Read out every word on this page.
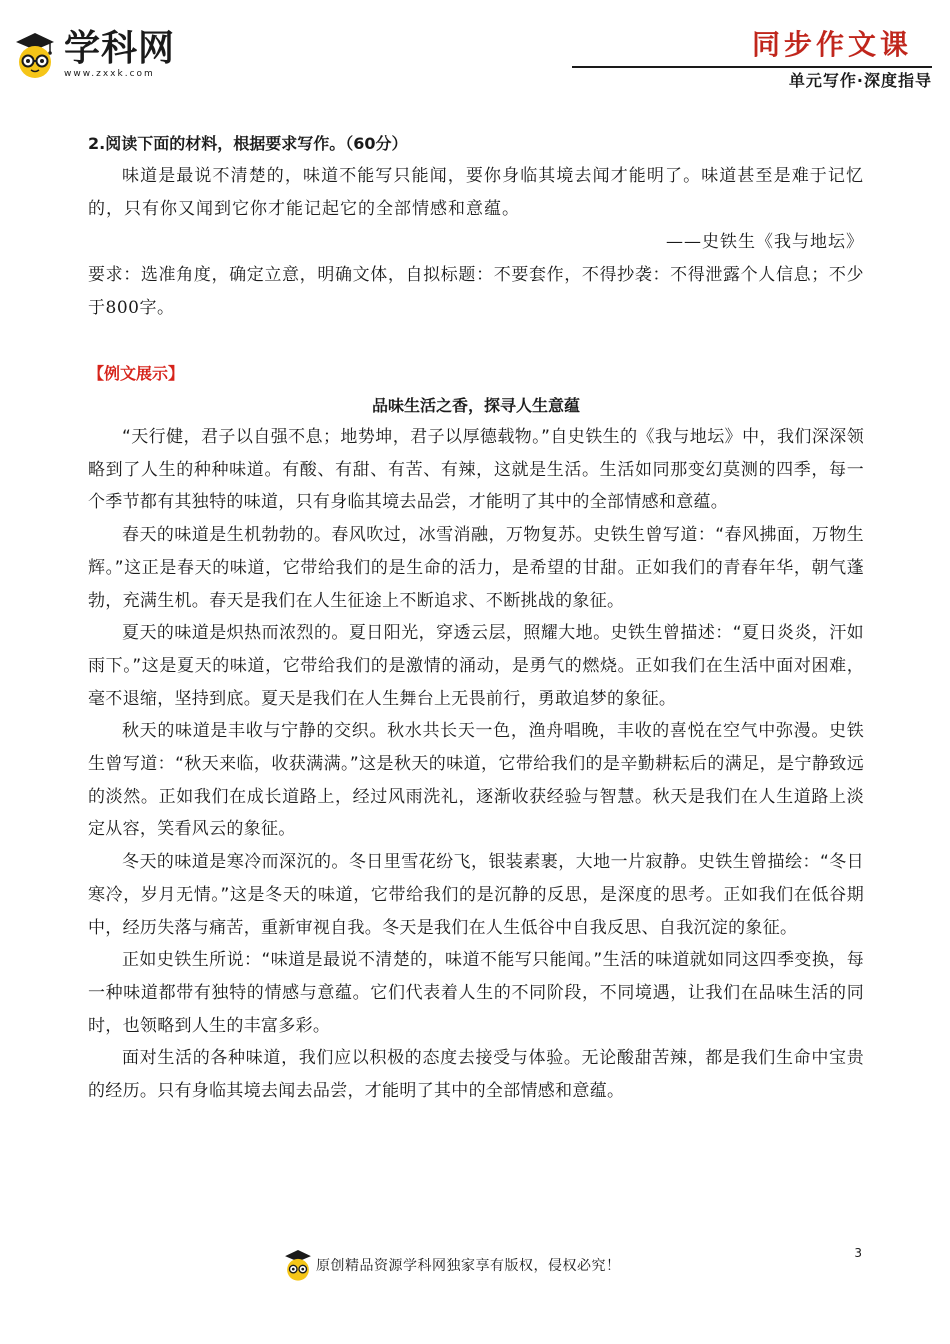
学科网
www.zxxk.com
同步作文课
单元写作·深度指导

2.阅读下面的材料，根据要求写作。（60分）

味道是最说不清楚的，味道不能写只能闻，要你身临其境去闻才能明了。味道甚至是难于记忆的，只有你又闻到它你才能记起它的全部情感和意蕴。

——史铁生《我与地坛》

要求：选准角度，确定立意，明确文体，自拟标题：不要套作，不得抄袭：不得泄露个人信息；不少于800字。

【例文展示】

品味生活之香，探寻人生意蕴

“天行健，君子以自强不息；地势坤，君子以厚德载物。”自史铁生的《我与地坛》中，我们深深领略到了人生的种种味道。有酸、有甜、有苦、有辣，这就是生活。生活如同那变幻莫测的四季，每一个季节都有其独特的味道，只有身临其境去品尝，才能明了其中的全部情感和意蕴。

春天的味道是生机勃勃的。春风吹过，冰雪消融，万物复苏。史铁生曾写道：“春风拂面，万物生辉。”这正是春天的味道，它带给我们的是生命的活力，是希望的甘甜。正如我们的青春年华，朝气蓬勃，充满生机。春天是我们在人生征途上不断追求、不断挑战的象征。

夏天的味道是炽热而浓烈的。夏日阳光，穿透云层，照耀大地。史铁生曾描述：“夏日炎炎，汗如雨下。”这是夏天的味道，它带给我们的是激情的涌动，是勇气的燃烧。正如我们在生活中面对困难，毫不退缩，坚持到底。夏天是我们在人生舞台上无畏前行，勇敢追梦的象征。

秋天的味道是丰收与宁静的交织。秋水共长天一色，渔舟唱晚，丰收的喜悦在空气中弥漫。史铁生曾写道：“秋天来临，收获满满。”这是秋天的味道，它带给我们的是辛勤耕耘后的满足，是宁静致远的淡然。正如我们在成长道路上，经过风雨洗礼，逐渐收获经验与智慧。秋天是我们在人生道路上淡定从容，笑看风云的象征。

冬天的味道是寒冷而深沉的。冬日里雪花纷飞，银装素裹，大地一片寂静。史铁生曾描绘：“冬日寒冷，岁月无情。”这是冬天的味道，它带给我们的是沉静的反思，是深度的思考。正如我们在低谷期中，经历失落与痛苦，重新审视自我。冬天是我们在人生低谷中自我反思、自我沉淀的象征。

正如史铁生所说：“味道是最说不清楚的，味道不能写只能闻。”生活的味道就如同这四季变换，每一种味道都带有独特的情感与意蕴。它们代表着人生的不同阶段，不同境遇，让我们在品味生活的同时，也领略到人生的丰富多彩。

面对生活的各种味道，我们应以积极的态度去接受与体验。无论酸甜苦辣，都是我们生命中宝贵的经历。只有身临其境去闻去品尝，才能明了其中的全部情感和意蕴。

原创精品资源学科网独家享有版权，侵权必究！
3
